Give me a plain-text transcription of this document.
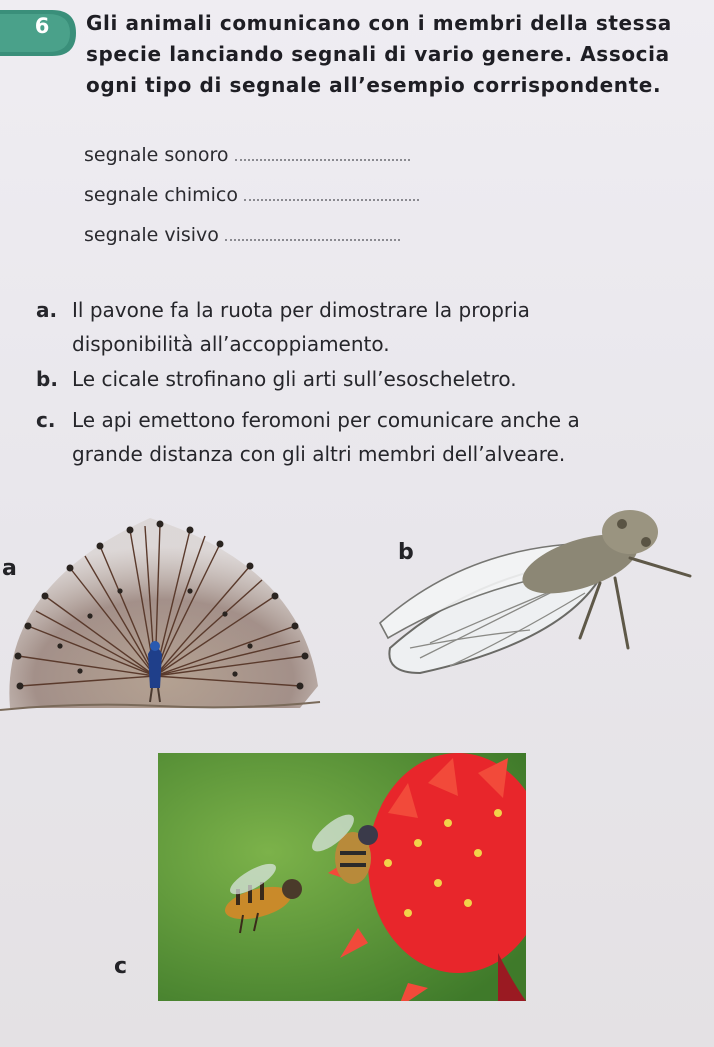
6	Gli animali comunicano con i membri della stessa specie lanciando segnali di vario genere. Associa ogni tipo di segnale all’esempio corrispondente.

segnale sonoro
segnale chimico
segnale visivo

a. Il pavone fa la ruota per dimostrare la propria
disponibilità all’accoppiamento.

b. Le cicale strofinano gli arti sull’esoscheletro.

c. Le api emettono feromoni per comunicare anche a
grande distanza con gli altri membri dell’alveare.

a
b
c
